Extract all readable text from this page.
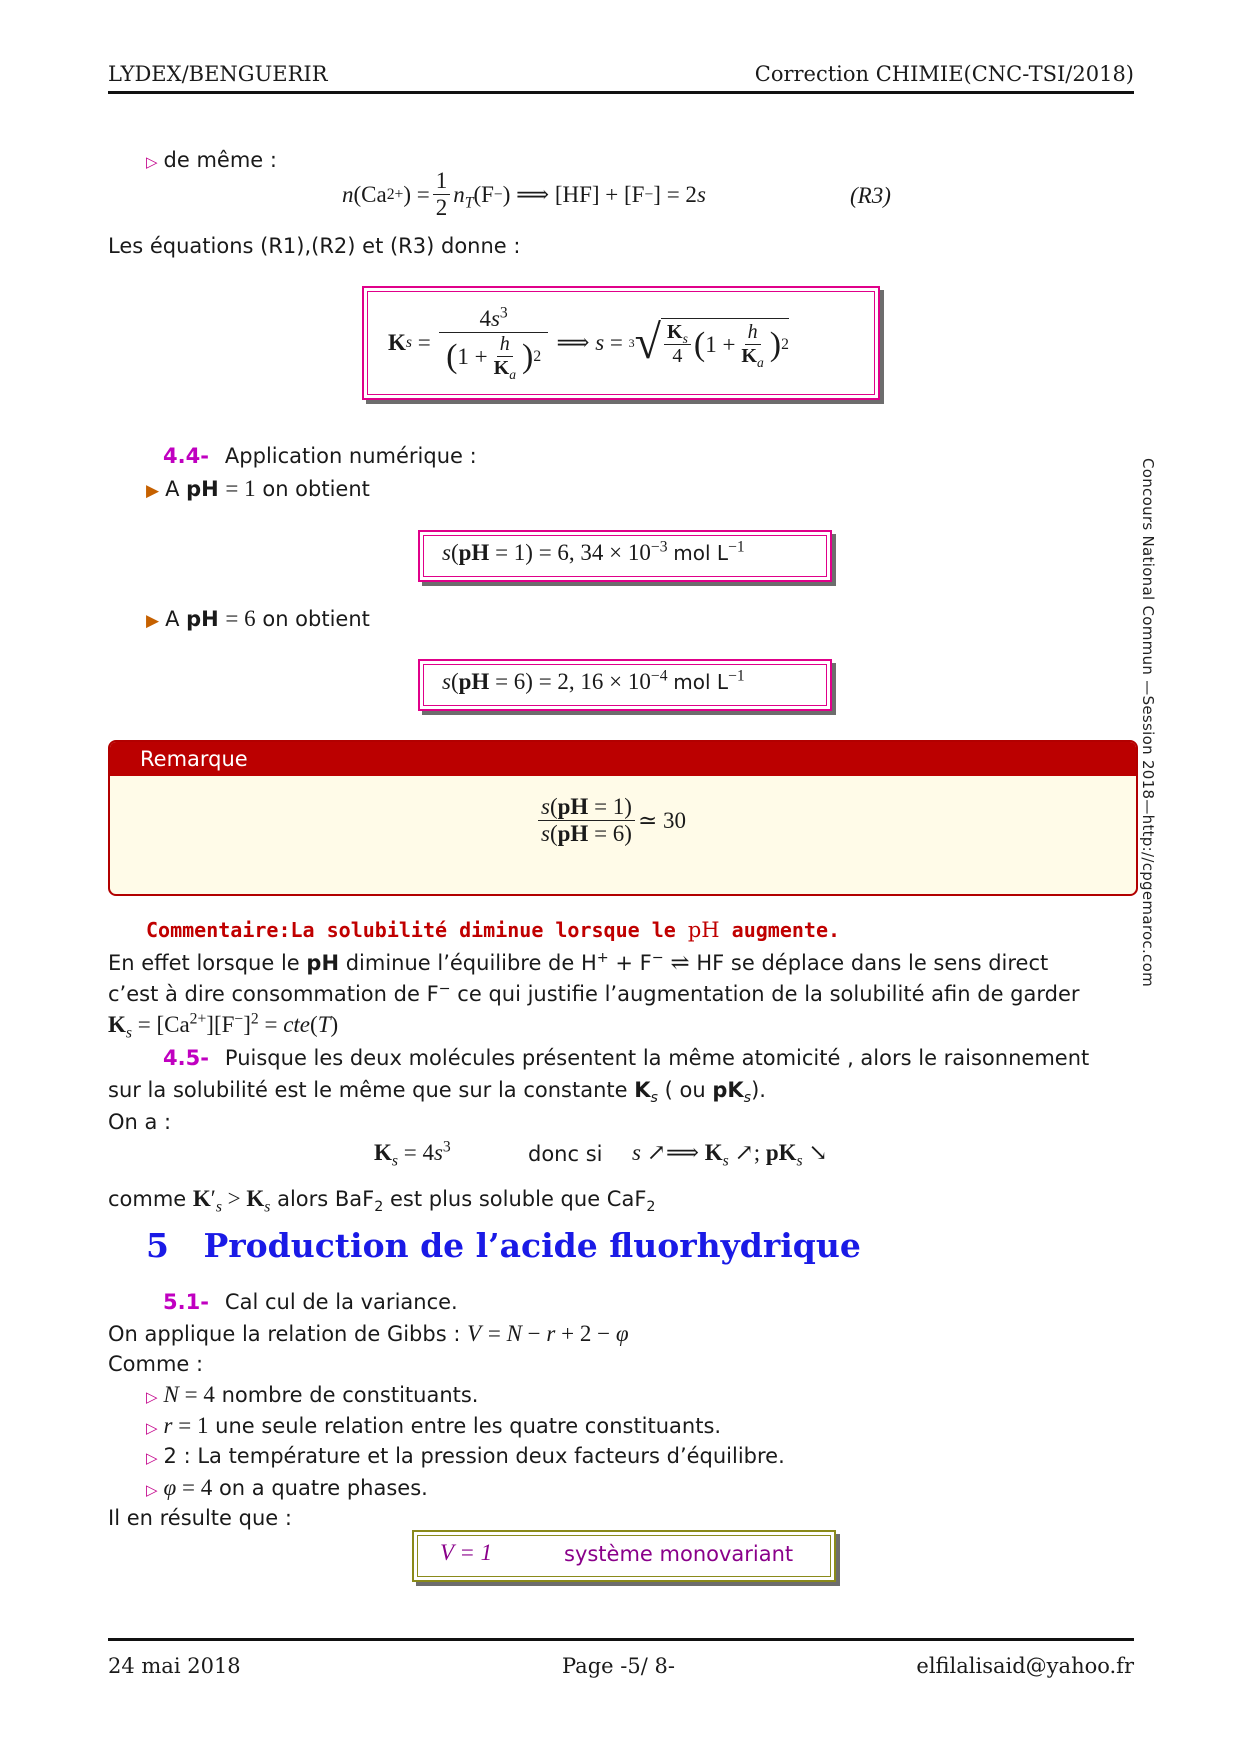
LYDEX/BENGUERIR	Correction CHIMIE(CNC-TSI/2018)
Concours National Commun —Session 2018—http://cpgemaroc.com
▷ de même :
n (Ca 2+ ) = $\frac{1}{2} n_T$ (F − ) ⟹ [HF] + [F − ] = 2 s	(R3)
Les équations (R1),(R2) et (R3) donne :
K $s = \frac{4s^3}{( 1 + \frac{h}{K_a} ) 2}$ ⟹ s = 3 √ $\frac{K_s}{4}$ ( $1 + \frac{h}{K_a}$ ) 2
4.4- Application numérique :
▶ A pH = 1 on obtient
s(pH = 1) = 6, $34 \times 10^{-3}$ mol $L^{-1}$
▶ A pH = 6 on obtient
s(pH = 6) = 2, $16 \times 10^{-4}$ mol $L^{-1}$
Remarque
$\frac{s(pH = 1)}{s(pH = 6)}$ ≃ 30
Commentaire:La solubilité diminue lorsque le pH augmente.
En effet lorsque le pH diminue l’équilibre de H+ + F− ⇌ HF se déplace dans le sens direct
c’est à dire consommation de F− ce qui justifie l’augmentation de la solubilité afin de garder
$K_s = [Ca^{2+}][F^-]^2 = cte(T)$
4.5- Puisque les deux molécules présentent la même atomicité , alors le raisonnement
sur la solubilité est le même que sur la constante $K_s$ ( ou $pK_s$).
On a :
$K_s = 4s^3$	donc si s ↗⟹ $K_s$ ↗; $pK_s$ ↘
comme $K'_s > K_s$ alors BaF$_2$ est plus soluble que CaF$_2$
5 Production de l’acide fluorhydrique
5.1- Cal cul de la variance.
On applique la relation de Gibbs : V = N − r + 2 − φ
Comme :
▷ N = 4 nombre de constituants.
▷ r = 1 une seule relation entre les quatre constituants.
▷ 2 : La température et la pression deux facteurs d’équilibre.
▷ φ = 4 on a quatre phases.
Il en résulte que :
V = 1	système monovariant
24 mai 2018	Page -5/ 8-	elfilalisaid@yahoo.fr
